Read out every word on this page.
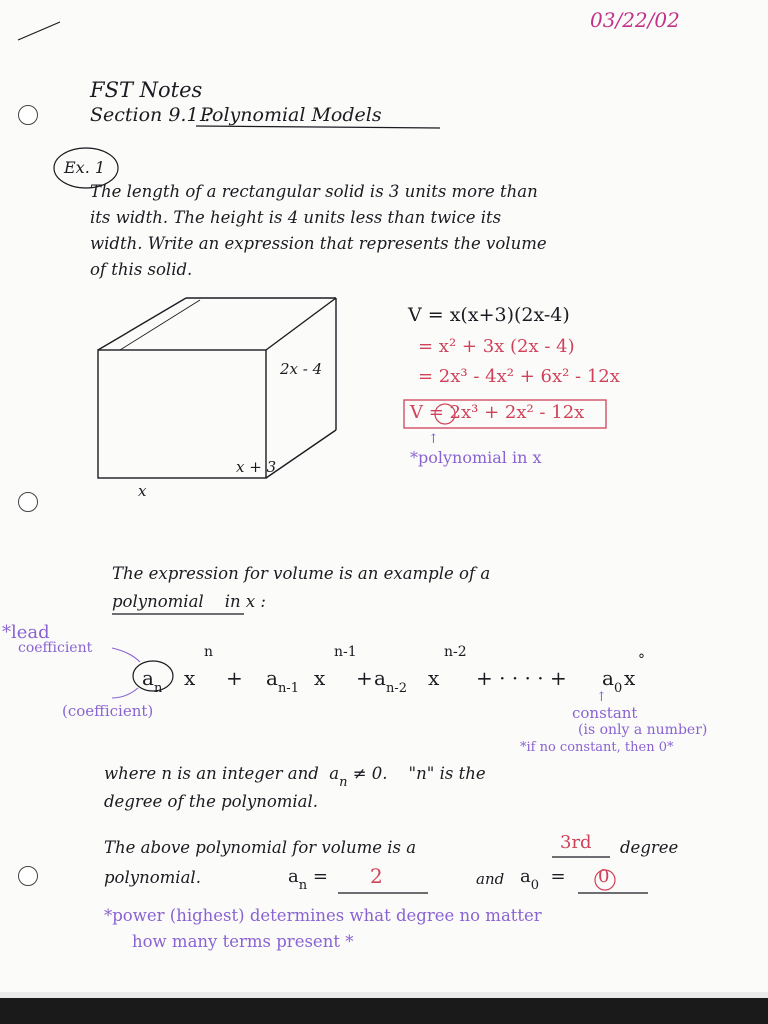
03/22/02
FST Notes
Section 9.1 :
Polynomial Models
Ex. 1
The length of a rectangular solid is 3 units more than
its width. The height is 4 units less than twice its
width. Write an expression that represents the volume
of this solid.
2x - 4
x + 3
x
V = x(x+3)(2x-4)
= x² + 3x (2x - 4)
= 2x³ - 4x² + 6x² - 12x
V = 2x³ + 2x² - 12x
↑
*polynomial in x
The expression for volume is an example of a
polynomial in x :
*lead
coefficient
(coefficient)
$a_n$ x
n
+ $a_{n-1}$ x
n-1
+ $a_{n-2}$ x
n-2
+ · · · · + $a_0$ x
°
↑
constant
(is only a number)
*if no constant, then 0*
where n is an integer and  $a_n \ne 0$. "n" is the
degree of the polynomial.
The above polynomial for volume is a	3rd degree
polynomial.	$a_n = 2$	and $a_0 = 0$
*power (highest) determines what degree no matter
how many terms present *
